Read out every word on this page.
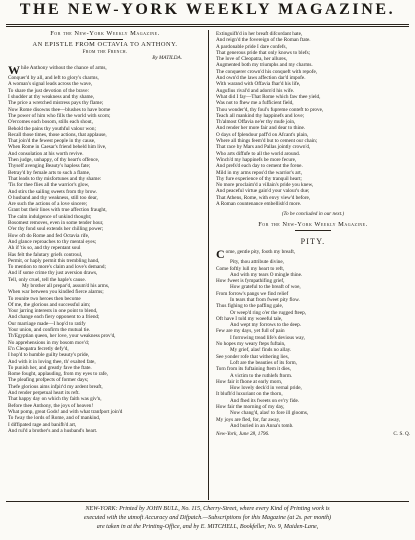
THE NEW-YORK WEEKLY MAGAZINE.
For the New-York Weekly Magazine.
AN EPISTLE FROM OCTAVIA TO ANTHONY.
From the French.
By MATILDA.
While Anthony without the chance of arms,
Conquer'd by all, and left to glory's charms,
A woman's signal leads across the wave,
To share the just devotion of the brave:
I shudder at thy weakness and thy shame,
The price a wretched mistress pays thy flame;
Now Rome disowns thee—blushes to have borne
The power of him who fills the world with scorn;
O'ercomes each bosom, stills each shout,
Behold the pains thy youthful valour won;
Recall those times, those actions, that applause,
That join'd the fewest people in thy cause,
When Rome in Caesar's friend beheld him live,
And consolation at his worth revive.
Then judge, unhappy, of thy heart's offence,
Thyself avenging Beauty's hapless fate;
Betray'd by female arts to such a flame,
That leads to thy misfortunes and thy shame:
'Tis for thee flies all the warrior's glow,
And stirs the sailing sweets from thy brow.
O husband and thy weakness, still too dear,
Are such the actions of a love sincere;
Grant but their lines with true affection fraught,
The calm indulgence of unkind thought;
Bosomest removes, even in some tender hour,
O'er thy fond soul extends her chilling power;
How oft do Rome and fed Octavia rife,
And glance reproaches to thy mental eyes;
Ah if 'tis so, and thy repentant soul
Has felt the falutary griefs controul,
Permit, or haply permit this trembling hand,
To mention to more's claim and love's demand;
And if some crime thy just aversion draws,
Tell, only cruel, tell the haple's cause.
My brother all prepar'd, assum'd his arms,
When war between you kindled fierce alarms;
To reunite two heroes then become
Of me, the glorious and successful aim;
Your jarring interests in one point to blend,
And change each fiery opponent to a friend;
Our marriage made—I hop'd to ratify
Your union, and confirm the mutual tie.
Th'Egyptian queen, her love, your weakness prov'd,
No apprehensions in my bosom mov'd;
E'n Cleopatra fecretly defy'd,
I hop'd to humble guilty beauty's pride,
And with it in loving thee, th' exalted fate,
To punish her, and greatly fave the ftate.
Rome fought, applauding, from my eyes to rafe,
The pleafing profpects of former days;
Thefe glorious aims infpir'd my ardent breaft,
And render perpetual heart its reft.
That happy day on which thy faith was giv'n,
Before thee Anthony, the joys of heaven!
What pomp, great Gods! and with what tranfport join'd
To fway the lords of Rome, and of mankind,
I diffipated rage and banifh'd art,
And rul'd a brother's and a husband's heart.
Extinguifh'd in her breaft difcordant hate,
And reign'd the fovereign of the Roman ftate.
A pardonable pride I dare confefs,
That generous pride that only knows to blefs;
The love of Cleopatra, her allures,
Augmented both my triumphs and my charms.
The conquerer crown'd his conqueft with repofe,
And own'd the laws affection dar'd impofe.
With warand with Offavia fhar'd his life,
Augufius rival'd and adorn'd his wife.
What did I fay—That Rome which faw thee yield,
Was not to fhew me a fufficient field,
Thou wonder'd, thy foul's fupreme conteft to prove,
Teach all mankind thy happinefs and love;
Th'almost Offavia ne'er thy mufe join,
And render her more fair and dear to thine.
O days of fplendour paff'd on Afcant's plain,
Where all things feem'd but to cement our chain;
That race by Mars and Pallas jointly crown'd,
Who arts diffufe to all the world around.
Winch'd my happinefs be more fecure,
And prefs'd each day to cement the fcene.
Mild in my arms repos'd the warrior's art,
Thy fure experience of thy tranquil heart;
No more proclaim'd a villain's pride you knew,
And peaceful virtue gain'd your valour's due;
That Athens, Rome, with envy view'd before,
A Roman countenance embellish'd more.
(To be concluded in our next.)
For the New-York Weekly Magazine.
PITY.
Come, gentle pity, footh my breaft,
Pity, thou attribute divine,
Come foftly lull my heart to reft,
And with my tears O mingle thine.
How fweet is fympathifing grief,
How grateful to the breaft of woe,
From forrow's pangs we find relief
In tears that from fweet pity flow.
Thus fighing to the paffing gale,
Or weep'd ring o'er the rugged fteep,
Oft have I told my woeeful tale,
And wept my forrows to the deep.
Few are my days, yet full of pain
I forrowing tread life's devious way,
No hopes my weary fteps fuftain,
My grief, alas! finds no allay.
See yonder rofe that withering lies,
Loft are the beauties of its form,
Torn from its fuftaining ftem it dies,
A victim to the ruthlefs ftorm.
How fair it fhone at early morn,
How lovely deck'd in vernal pride,
It blufh'd luxuriant on the thorn,
And fhed its fweets on ev'ry fide.
How fair the morning of my day,
Now chang'd, alas! to fore ill glooms,
My joys are fled, for, far away,
And buried in an Anna's tomb.
New-York, June 28, 1796.	C. S. Q.
NEW-YORK: Printed by JOHN BULL, No. 115, Cherry-Street, where every Kind of Printing work is
executed with the utmoft Accuracy and Difpatch.—Subscriptions for this Magazine (at 2s. per month)
are taken in at the Printing-Office, and by E. MITCHELL, Bookfeller, No. 9, Maiden-Lane,
